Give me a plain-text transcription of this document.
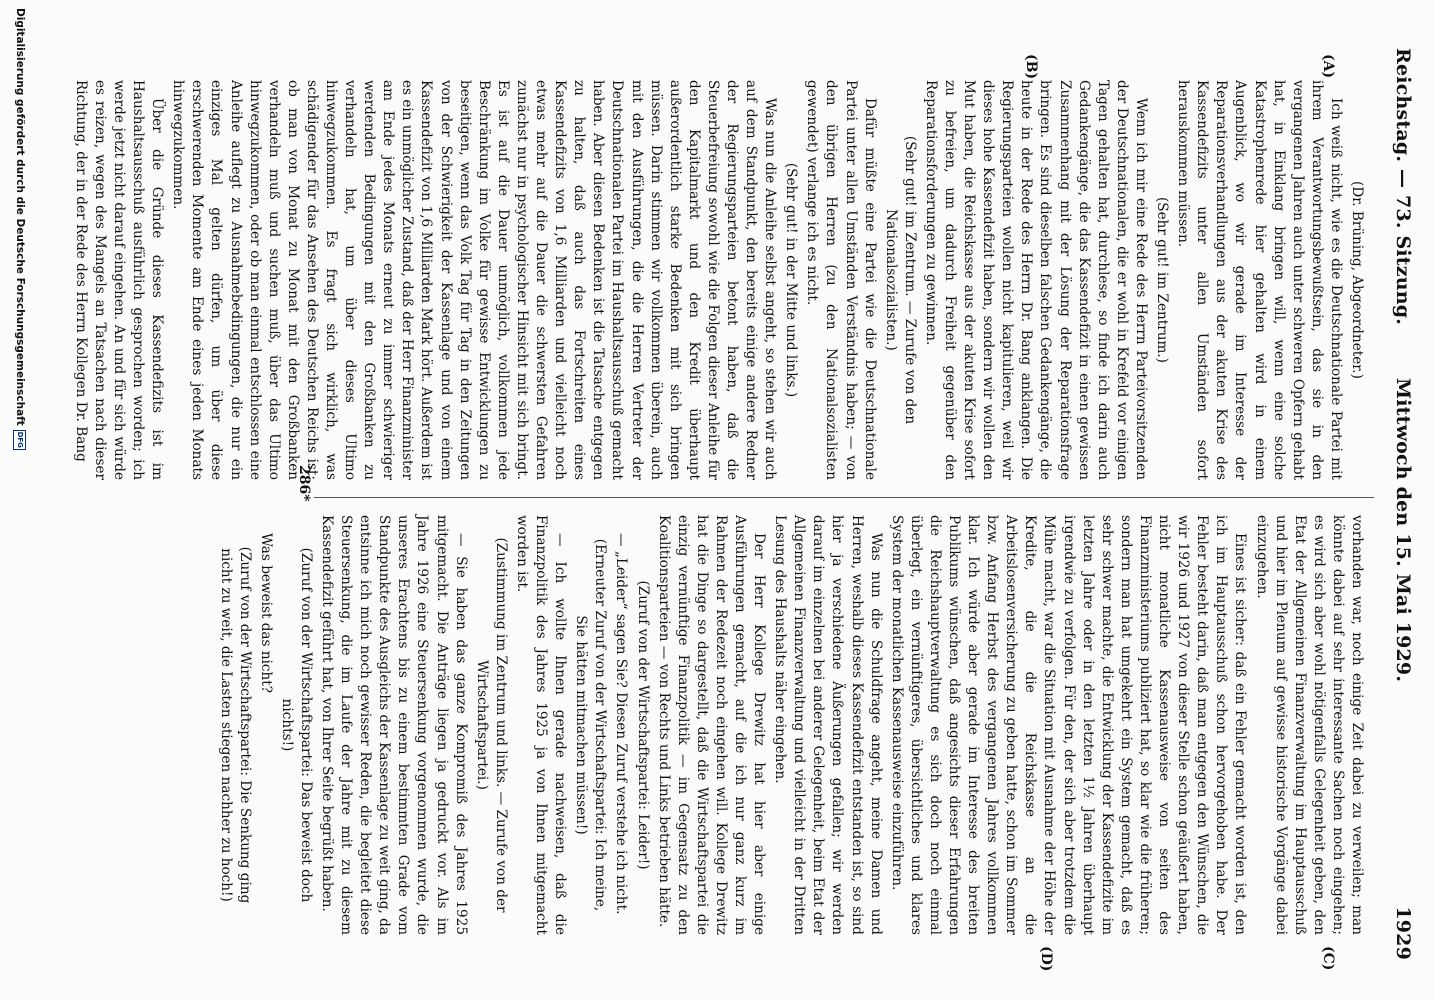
Reichstag. — 73. Sitzung.
Mittwoch den 15. Mai 1929.
1929
(A)
(B)
(C)
(D)

(Dr. Brüning, Abgeordneter.)

Ich weiß nicht, wie es die Deutschnationale Partei mit ihrem Verantwortungsbewußtsein, das sie in den vergangenen Jahren auch unter schweren Opfern gehabt hat, in Einklang bringen will, wenn eine solche Katastrophenrede hier gehalten wird in einem Augenblick, wo wir gerade im Interesse der Reparationsverhandlungen aus der akuten Krise des Kassendefizits unter allen Umständen sofort herauskommen müssen.

(Sehr gut! im Zentrum.)

Wenn ich mir eine Rede des Herrn Parteivorsitzenden der Deutschnationalen, die er wohl in Krefeld vor einigen Tagen gehalten hat, durchlese, so finde ich darin auch Gedankengänge, die das Kassendefizit in einen gewissen Zusammenhang mit der Lösung der Reparationsfrage bringen. Es sind dieselben falschen Gedankengänge, die heute in der Rede des Herrn Dr. Bang anklangen. Die Regierungsparteien wollen nicht kapitulieren, weil wir dieses hohe Kassendefizit haben, sondern wir wollen den Mut haben, die Reichskasse aus der akuten Krise sofort zu befreien, um dadurch Freiheit gegenüber den Reparationsforderungen zu gewinnen.

(Sehr gut! im Zentrum. — Zurufe von den Nationalsozialisten.)

Dafür müßte eine Partei wie die Deutschnationale Partei unter allen Umständen Verständnis haben; — von den übrigen Herren (zu den Nationalsozialisten gewendet) verlange ich es nicht.

(Sehr gut! in der Mitte und links.)

Was nun die Anleihe selbst angeht, so stehen wir auch auf dem Standpunkt, den bereits einige andere Redner der Regierungsparteien betont haben, daß die Steuerbefreiung sowohl wie die Folgen dieser Anleihe für den Kapitalmarkt und den Kredit überhaupt außerordentlich starke Bedenken mit sich bringen müssen. Darin stimmen wir vollkommen überein, auch mit den Ausführungen, die die Herren Vertreter der Deutschnationalen Partei im Haushaltsausschuß gemacht haben. Aber diesen Bedenken ist die Tatsache entgegen zu halten, daß auch das Fortschreiten eines Kassendefizits von 1,6 Milliarden und vielleicht noch etwas mehr auf die Dauer die schwersten Gefahren zunächst nur in psychologischer Hinsicht mit sich bringt. Es ist auf die Dauer unmöglich, vollkommen jede Beschränkung im Volke für gewisse Entwicklungen zu beseitigen, wenn das Volk Tag für Tag in den Zeitungen von der Schwierigkeit der Kassenlage und von einem Kassendefizit von 1,6 Milliarden Mark hört. Außerdem ist es ein unmöglicher Zustand, daß der Herr Finanzminister am Ende jedes Monats erneut zu immer schwieriger werdenden Bedingungen mit den Großbanken zu verhandeln hat, um über dieses Ultimo hinwegzukommen. Es fragt sich wirklich, was schädigender für das Ansehen des Deutschen Reichs ist: ob man von Monat zu Monat mit den Großbanken verhandeln muß und suchen muß, über das Ultimo hinwegzukommen, oder ob man einmal entschlossen eine Anleihe auflegt zu Ausnahmebedingungen, die nur ein einziges Mal gelten dürfen, um über diese erschwerenden Momente am Ende eines jeden Monats hinwegzukommen.

Über die Gründe dieses Kassendefizits ist im Haushaltsausschuß ausführlich gesprochen worden; ich werde jetzt nicht darauf eingehen. An und für sich würde es reizen, wegen des Mangels an Tatsachen nach dieser Richtung, der in der Rede des Herrn Kollegen Dr. Bang

vorhanden war, noch einige Zeit dabei zu verweilen; man könnte dabei auf sehr interessante Sachen noch eingehen; es wird sich aber wohl nötigenfalls Gelegenheit geben, den Etat der Allgemeinen Finanzverwaltung im Hauptausschuß und hier im Plenum auf gewisse historische Vorgänge dabei einzugehen.

Eines ist sicher: daß ein Fehler gemacht worden ist, den ich im Hauptausschuß schon hervorgehoben habe. Der Fehler besteht darin, daß man entgegen den Wünschen, die wir 1926 und 1927 von dieser Stelle schon geäußert haben, nicht monatliche Kassenausweise von seiten des Finanzministeriums publiziert hat, so klar wie die früheren; sondern man hat umgekehrt ein System gemacht, daß es sehr schwer machte, die Entwicklung der Kassendefizite im letzten Jahre oder in den letzten 1½ Jahren überhaupt irgendwie zu verfolgen. Für den, der sich aber trotzdem die Mühe macht, war die Situation mit Ausnahme der Höhe der Kredite, die die Reichskasse an die Arbeitslosenversicherung zu geben hatte, schon im Sommer bzw. Anfang Herbst des vergangenen Jahres vollkommen klar. Ich würde aber gerade im Interesse des breiten Publikums wünschen, daß angesichts dieser Erfahrungen die Reichshauptverwaltung es sich doch noch einmal überlegt, ein vernünftigeres, übersichtliches und klares System der monatlichen Kassenausweise einzuführen.

Was nun die Schuldfrage angeht, meine Damen und Herren, weshalb dieses Kassendefizit entstanden ist, so sind hier ja verschiedene Äußerungen gefallen; wir werden darauf im einzelnen bei anderer Gelegenheit, beim Etat der Allgemeinen Finanzverwaltung und vielleicht in der Dritten Lesung des Haushalts näher eingehen.

Der Herr Kollege Drewitz hat hier aber einige Ausführungen gemacht, auf die ich nur ganz kurz im Rahmen der Redezeit noch eingehen will. Kollege Drewitz hat die Dinge so dargestellt, daß die Wirtschaftspartei die einzig vernünftige Finanzpolitik — im Gegensatz zu den Koalitionsparteien — von Rechts und Links betrieben hätte.

(Zuruf von der Wirtschaftspartei: Leider!)

— „Leider“ sagen Sie? Diesen Zuruf verstehe ich nicht.

(Erneuter Zuruf von der Wirtschaftspartei: Ich meine, Sie hätten mitmachen müssen!)

— Ich wollte Ihnen gerade nachweisen, daß die Finanzpolitik des Jahres 1925 ja von Ihnen mitgemacht worden ist.

(Zustimmung im Zentrum und links. — Zurufe von der Wirtschaftspartei.)

— Sie haben das ganze Kompromiß des Jahres 1925 mitgemacht. Die Anträge liegen ja gedruckt vor. Als im Jahre 1926 eine Steuersenkung vorgenommen wurde, die unseres Erachtens bis zu einem bestimmten Grade vom Standpunkte des Ausgleichs der Kassenlage zu weit ging, da entsinne ich mich noch gewisser Reden, die begleitet diese Steuersenkung, die im Laufe der Jahre mit zu diesem Kassendefizit geführt hat, von Ihrer Seite begrüßt haben.

(Zuruf von der Wirtschaftspartei: Das beweist doch nichts!)

Was beweist das nicht?

(Zuruf von der Wirtschaftspartei: Die Senkung ging nicht zu weit, die Lasten stiegen nachher zu hoch!)

286*
Digitalisierung gefördert durch die Deutsche Forschungsgemeinschaft
DFG
